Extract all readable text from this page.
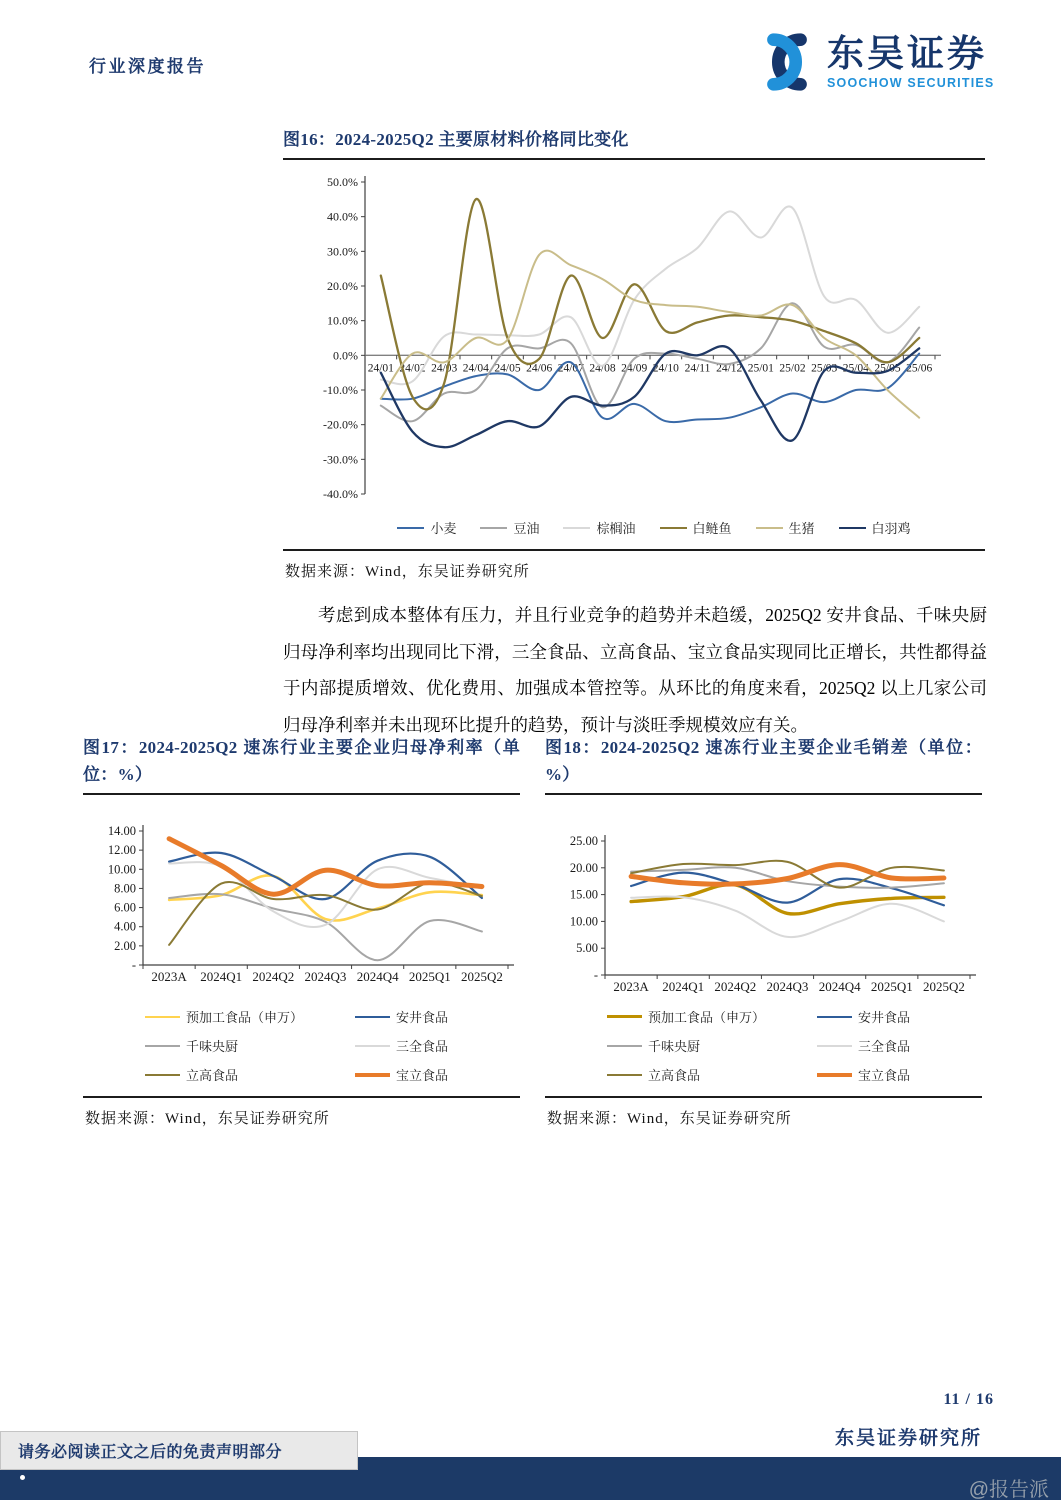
行业深度报告	东吴证券
SOOCHOW SECURITIES
图16：2024-2025Q2 主要原材料价格同比变化
-40.0%
-30.0%
-20.0%
-10.0%
0.0%
10.0%
20.0%
30.0%
40.0%
50.0%
24/01 24/02 24/03 24/04 24/05 24/06 24/07 24/08 24/09 24/10 24/11 24/12 25/01 25/02 25/03 25/04 25/05 25/06
小麦	豆油	棕榈油	白鲢鱼	生猪	白羽鸡
数据来源：Wind，东吴证券研究所
考虑到成本整体有压力，并且行业竞争的趋势并未趋缓，2025Q2 安井食品、千味央厨归母净利率均出现同比下滑，三全食品、立高食品、宝立食品实现同比正增长，共性都得益于内部提质增效、优化费用、加强成本管控等。从环比的角度来看，2025Q2 以上几家公司归母净利率并未出现环比提升的趋势，预计与淡旺季规模效应有关。
图17：2024-2025Q2 速冻行业主要企业归母净利率（单位：%）
-
2.00
4.00
6.00
8.00
10.00
12.00
14.00
2023A 2024Q1 2024Q2 2024Q3 2024Q4 2025Q1 2025Q2
预加工食品（申万）	安井食品
千味央厨	三全食品
立高食品	宝立食品
数据来源：Wind，东吴证券研究所
图18：2024-2025Q2 速冻行业主要企业毛销差（单位：%）
-
5.00
10.00
15.00
20.00
25.00
2023A 2024Q1 2024Q2 2024Q3 2024Q4 2025Q1 2025Q2
预加工食品（申万）	安井食品
千味央厨	三全食品
立高食品	宝立食品
数据来源：Wind，东吴证券研究所
11 / 16
东吴证券研究所
请务必阅读正文之后的免责声明部分
@报告派
